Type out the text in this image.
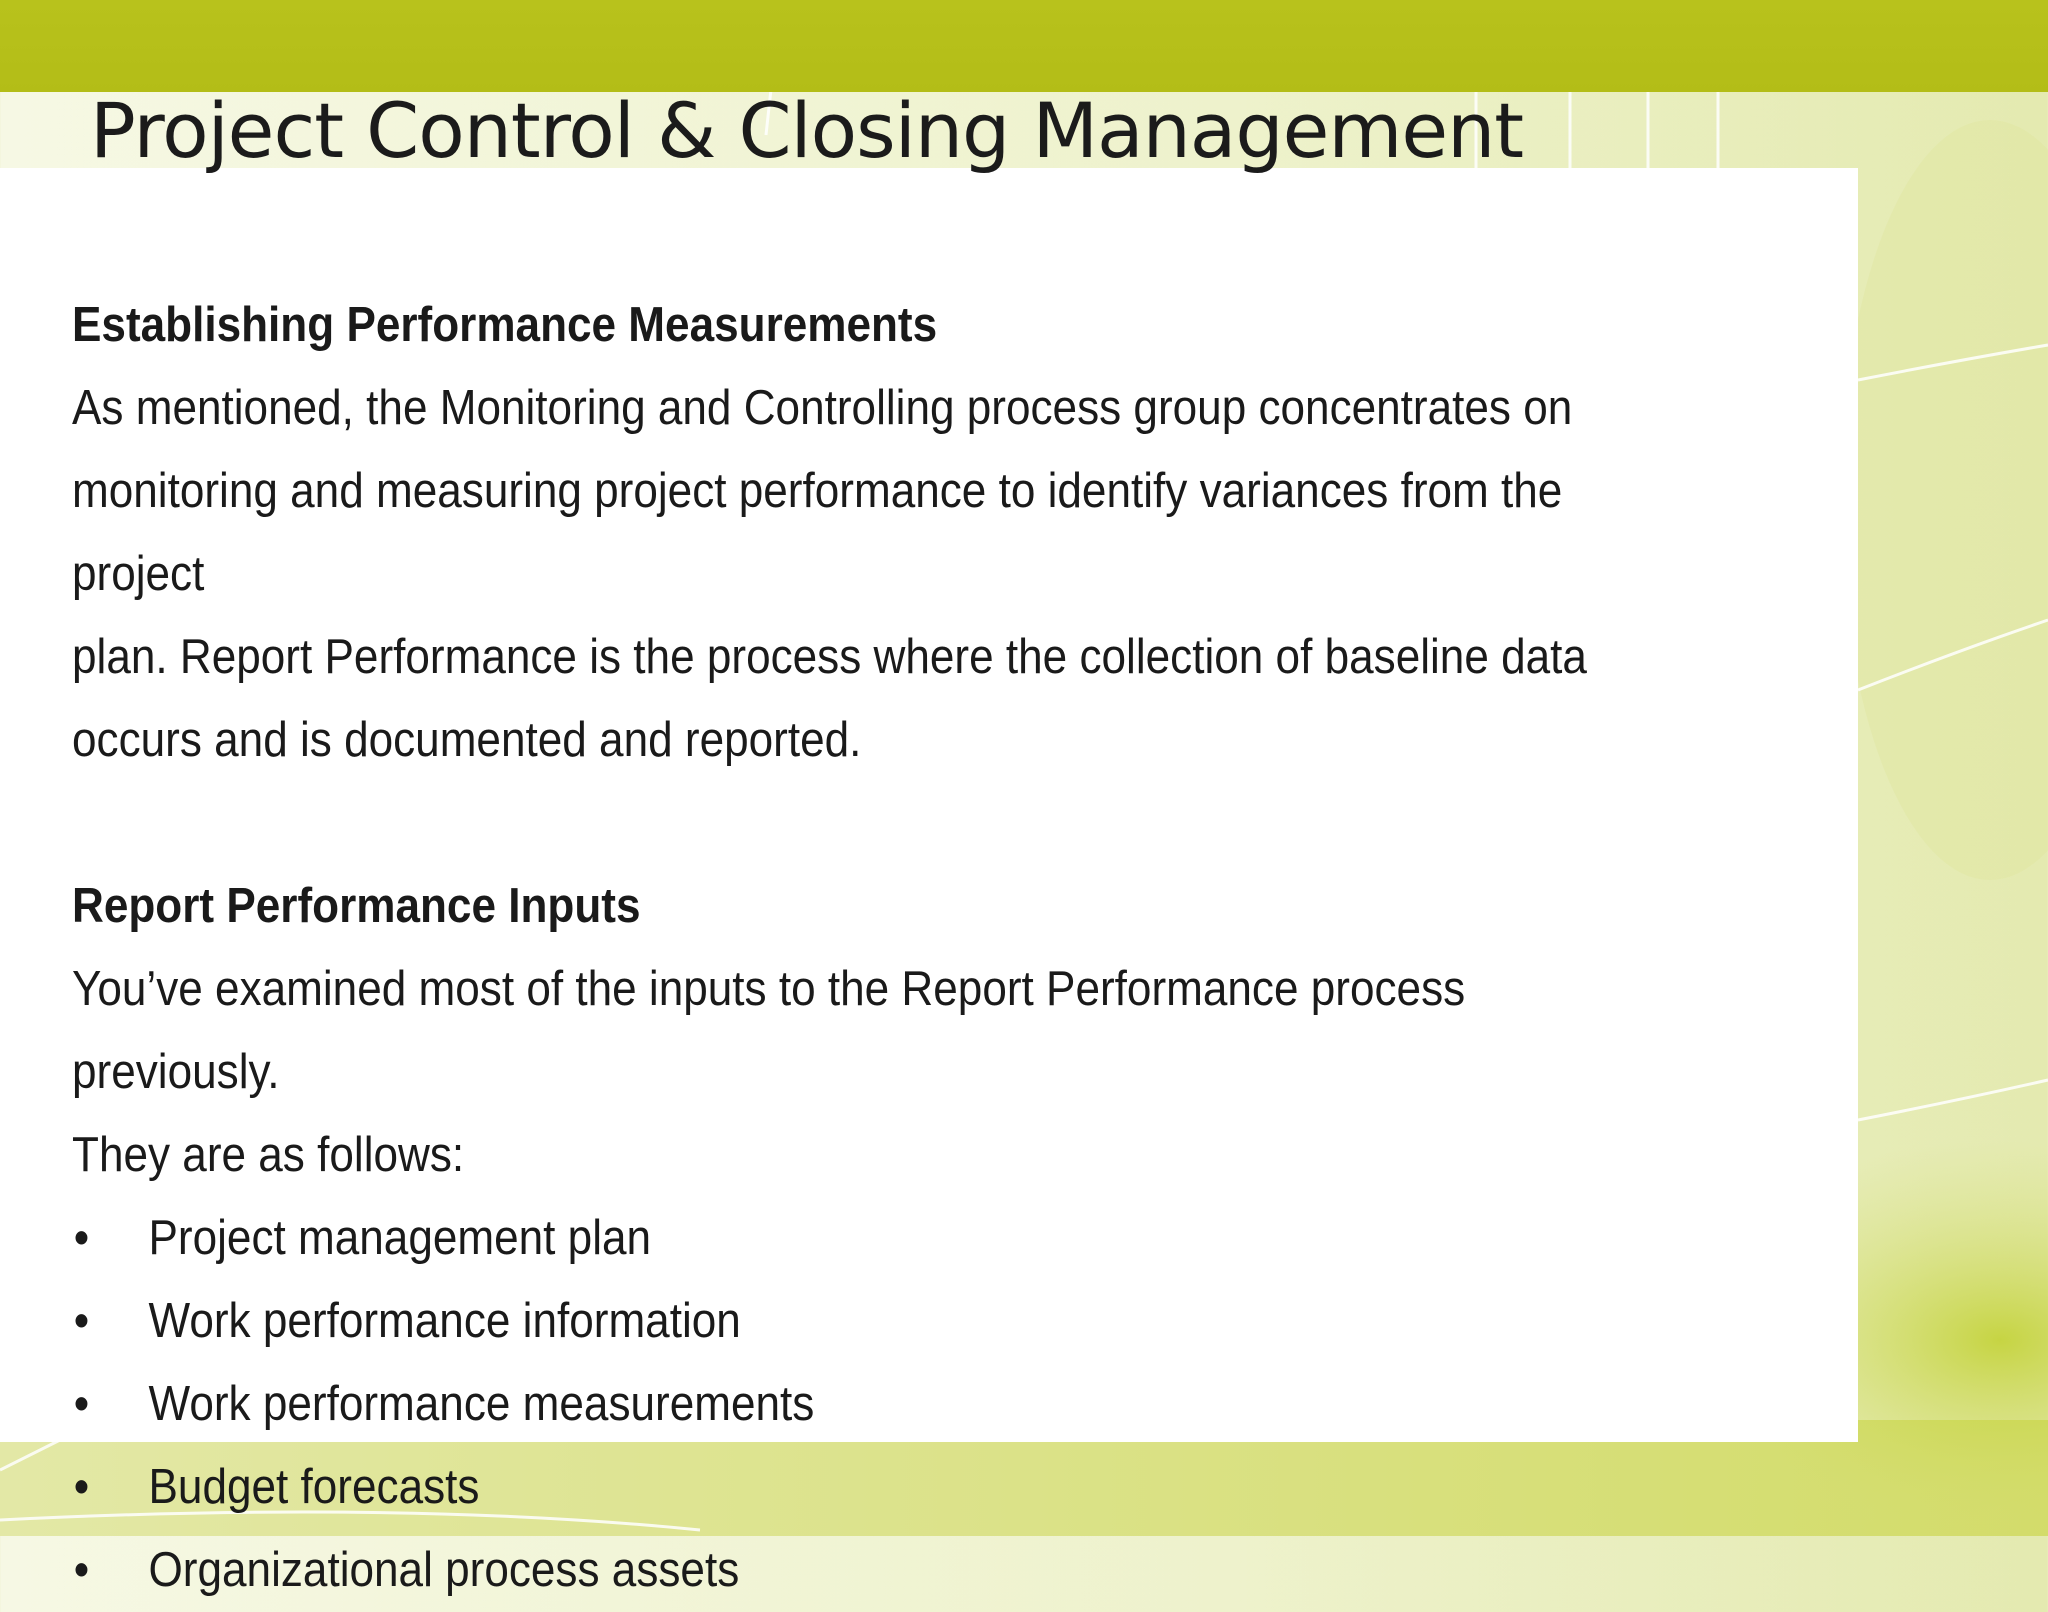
Project Control & Closing Management

Establishing Performance Measurements

As mentioned, the Monitoring and Controlling process group concentrates on

monitoring and measuring project performance to identify variances from the project

plan. Report Performance is the process where the collection of baseline data

occurs and is documented and reported.

Report Performance Inputs

You’ve examined most of the inputs to the Report Performance process previously.

They are as follows:

• Project management plan
• Work performance information
• Work performance measurements
• Budget forecasts
• Organizational process assets
